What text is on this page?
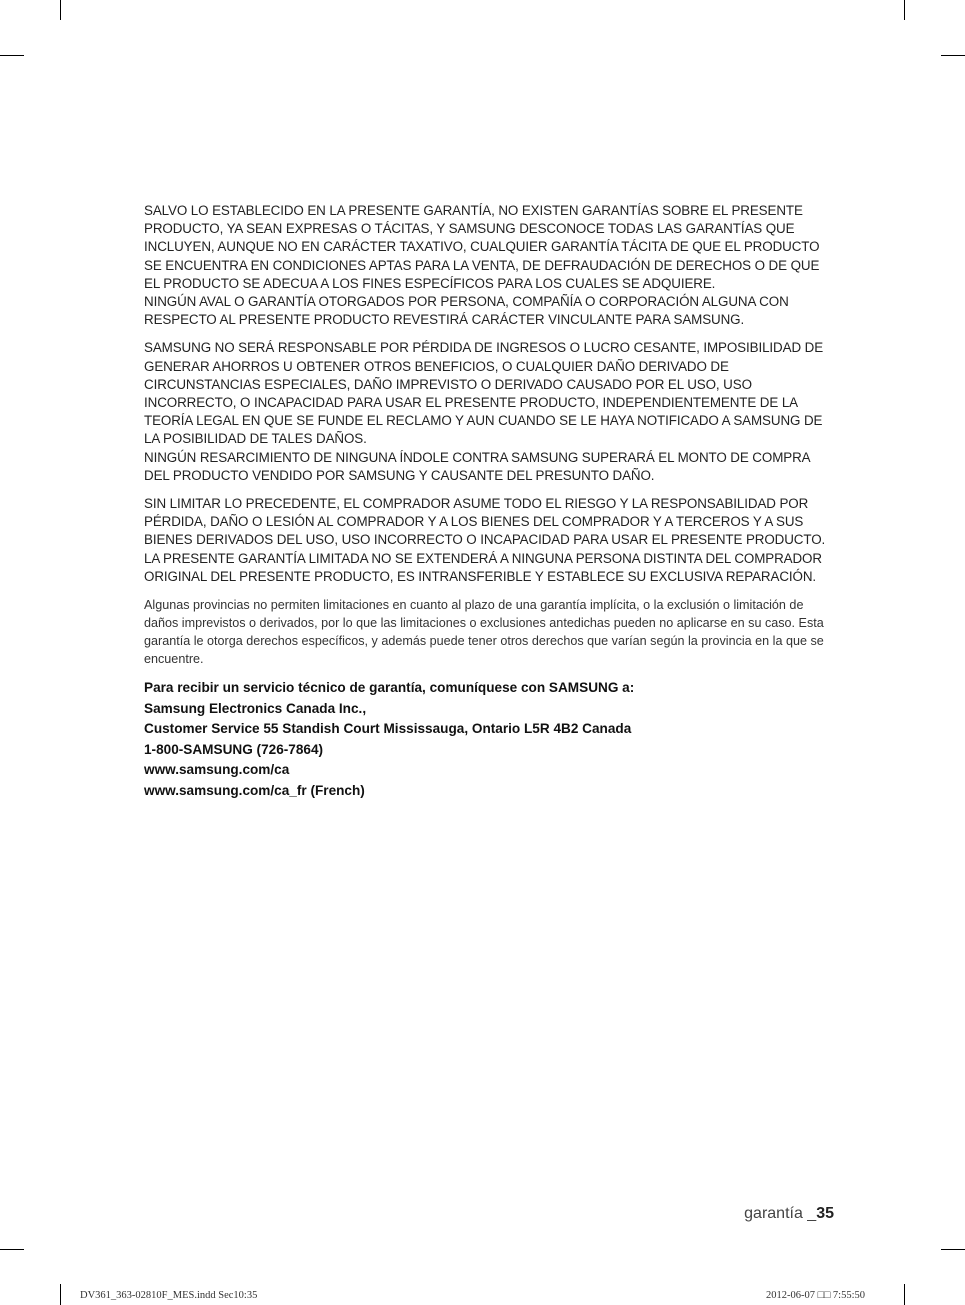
SALVO LO ESTABLECIDO EN LA PRESENTE GARANTÍA, NO EXISTEN GARANTÍAS SOBRE EL PRESENTE PRODUCTO, YA SEAN EXPRESAS O TÁCITAS, Y SAMSUNG DESCONOCE TODAS LAS GARANTÍAS QUE INCLUYEN, AUNQUE NO EN CARÁCTER TAXATIVO, CUALQUIER GARANTÍA TÁCITA DE QUE EL PRODUCTO SE ENCUENTRA EN CONDICIONES APTAS PARA LA VENTA, DE DEFRAUDACIÓN DE DERECHOS O DE QUE EL PRODUCTO SE ADECUA A LOS FINES ESPECÍFICOS PARA LOS CUALES SE ADQUIERE.

NINGÚN AVAL O GARANTÍA OTORGADOS POR PERSONA, COMPAÑÍA O CORPORACIÓN ALGUNA CON RESPECTO AL PRESENTE PRODUCTO REVESTIRÁ CARÁCTER VINCULANTE PARA SAMSUNG.

SAMSUNG NO SERÁ RESPONSABLE POR PÉRDIDA DE INGRESOS O LUCRO CESANTE, IMPOSIBILIDAD DE GENERAR AHORROS U OBTENER OTROS BENEFICIOS, O CUALQUIER DAÑO DERIVADO DE CIRCUNSTANCIAS ESPECIALES, DAÑO IMPREVISTO O DERIVADO CAUSADO POR EL USO, USO INCORRECTO, O INCAPACIDAD PARA USAR EL PRESENTE PRODUCTO, INDEPENDIENTEMENTE DE LA TEORÍA LEGAL EN QUE SE FUNDE EL RECLAMO Y AUN CUANDO SE LE HAYA NOTIFICADO A SAMSUNG DE LA POSIBILIDAD DE TALES DAÑOS.

NINGÚN RESARCIMIENTO DE NINGUNA ÍNDOLE CONTRA SAMSUNG SUPERARÁ EL MONTO DE COMPRA DEL PRODUCTO VENDIDO POR SAMSUNG Y CAUSANTE DEL PRESUNTO DAÑO.

SIN LIMITAR LO PRECEDENTE, EL COMPRADOR ASUME TODO EL RIESGO Y LA RESPONSABILIDAD POR PÉRDIDA, DAÑO O LESIÓN AL COMPRADOR Y A LOS BIENES DEL COMPRADOR Y A TERCEROS Y A SUS BIENES DERIVADOS DEL USO, USO INCORRECTO O INCAPACIDAD PARA USAR EL PRESENTE PRODUCTO.

LA PRESENTE GARANTÍA LIMITADA NO SE EXTENDERÁ A NINGUNA PERSONA DISTINTA DEL COMPRADOR ORIGINAL DEL PRESENTE PRODUCTO, ES INTRANSFERIBLE Y ESTABLECE SU EXCLUSIVA REPARACIÓN.

Algunas provincias no permiten limitaciones en cuanto al plazo de una garantía implícita, o la exclusión o limitación de daños imprevistos o derivados, por lo que las limitaciones o exclusiones antedichas pueden no aplicarse en su caso. Esta garantía le otorga derechos específicos, y además puede tener otros derechos que varían según la provincia en la que se encuentre.

Para recibir un servicio técnico de garantía, comuníquese con SAMSUNG a:

Samsung Electronics Canada Inc.,

Customer Service 55 Standish Court Mississauga, Ontario L5R 4B2 Canada

1-800-SAMSUNG (726-7864)

www.samsung.com/ca

www.samsung.com/ca_fr (French)

garantía _35
DV361_363-02810F_MES.indd Sec10:35	2012-06-07 □□ 7:55:50
